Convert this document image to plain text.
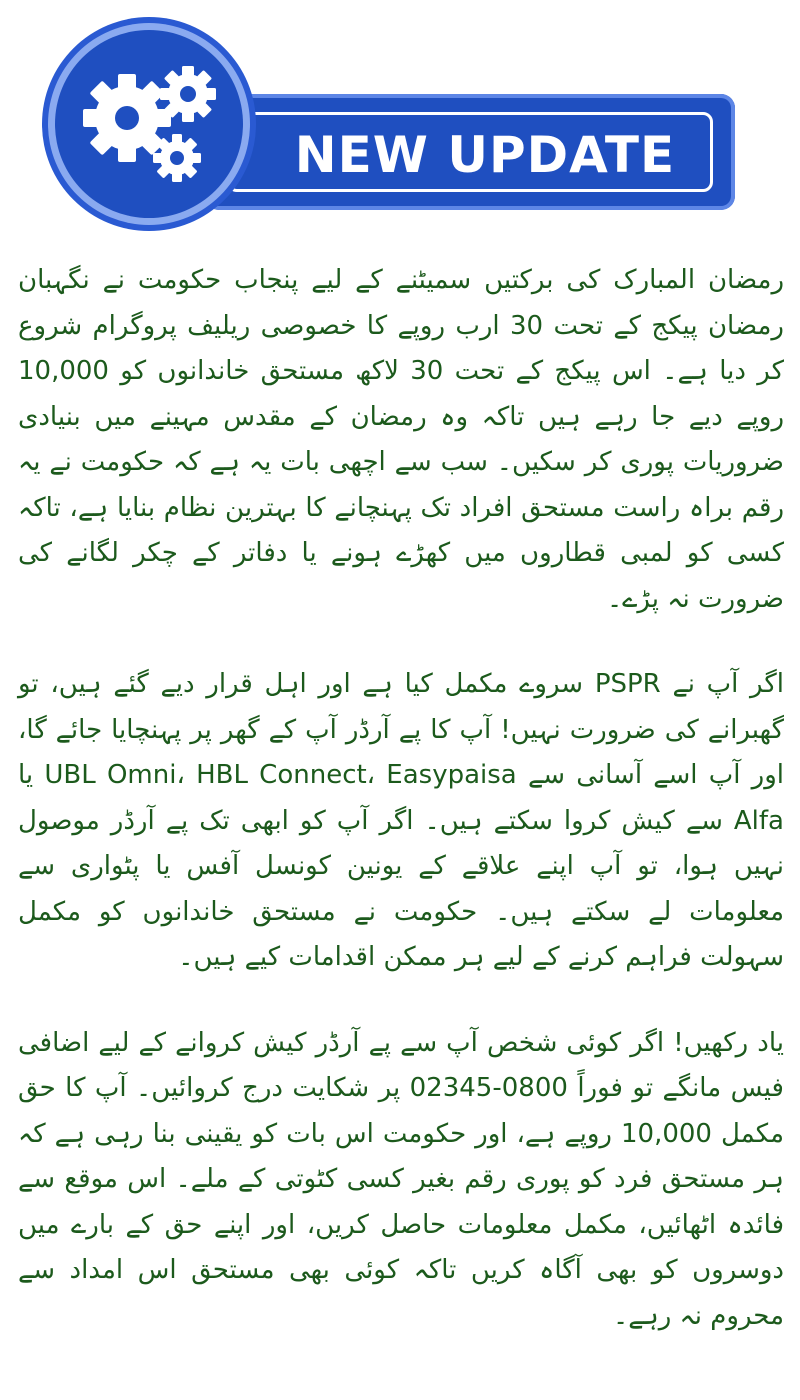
NEW UPDATE

رمضان المبارک کی برکتیں سمیٹنے کے لیے پنجاب حکومت نے نگہبان رمضان پیکج کے تحت 30 ارب روپے کا خصوصی ریلیف پروگرام شروع کر دیا ہے۔ اس پیکج کے تحت 30 لاکھ مستحق خاندانوں کو 10,000 روپے دیے جا رہے ہیں تاکہ وہ رمضان کے مقدس مہینے میں بنیادی ضروریات پوری کر سکیں۔ سب سے اچھی بات یہ ہے کہ حکومت نے یہ رقم براہ راست مستحق افراد تک پہنچانے کا بہترین نظام بنایا ہے، تاکہ کسی کو لمبی قطاروں میں کھڑے ہونے یا دفاتر کے چکر لگانے کی ضرورت نہ پڑے۔

اگر آپ نے PSPR سروے مکمل کیا ہے اور اہل قرار دیے گئے ہیں، تو گھبرانے کی ضرورت نہیں! آپ کا پے آرڈر آپ کے گھر پر پہنچایا جائے گا، اور آپ اسے آسانی سے UBL Omni، HBL Connect، Easypaisa یا Alfa سے کیش کروا سکتے ہیں۔ اگر آپ کو ابھی تک پے آرڈر موصول نہیں ہوا، تو آپ اپنے علاقے کے یونین کونسل آفس یا پٹواری سے معلومات لے سکتے ہیں۔ حکومت نے مستحق خاندانوں کو مکمل سہولت فراہم کرنے کے لیے ہر ممکن اقدامات کیے ہیں۔

یاد رکھیں! اگر کوئی شخص آپ سے پے آرڈر کیش کروانے کے لیے اضافی فیس مانگے تو فوراً 0800-02345 پر شکایت درج کروائیں۔ آپ کا حق مکمل 10,000 روپے ہے، اور حکومت اس بات کو یقینی بنا رہی ہے کہ ہر مستحق فرد کو پوری رقم بغیر کسی کٹوتی کے ملے۔ اس موقع سے فائدہ اٹھائیں، مکمل معلومات حاصل کریں، اور اپنے حق کے بارے میں دوسروں کو بھی آگاہ کریں تاکہ کوئی بھی مستحق اس امداد سے محروم نہ رہے۔
